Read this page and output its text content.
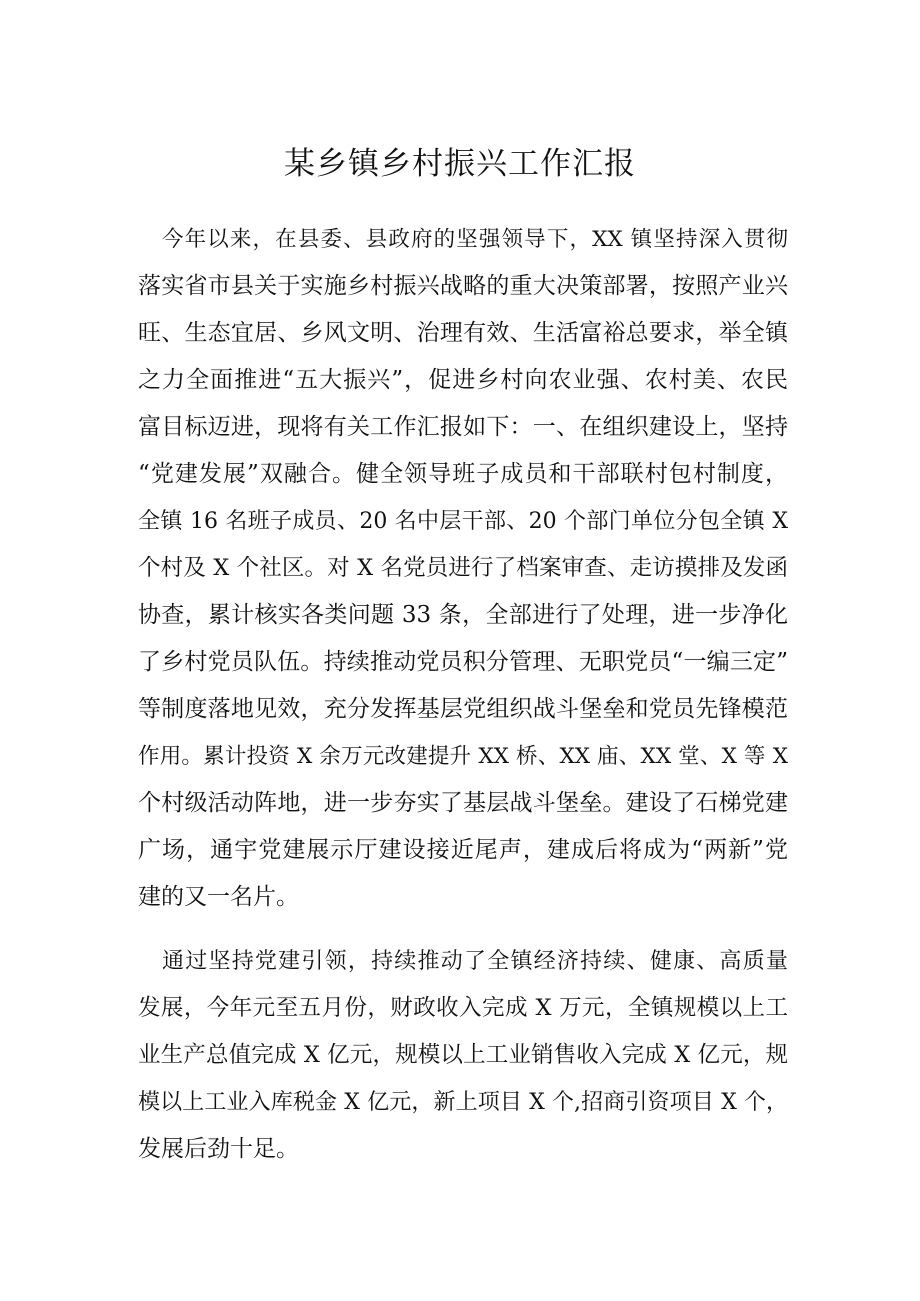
某乡镇乡村振兴工作汇报
今年以来，在县委、县政府的坚强领导下，XX 镇坚持深入贯彻
落实省市县关于实施乡村振兴战略的重大决策部署，按照产业兴
旺、生态宜居、乡风文明、治理有效、生活富裕总要求，举全镇
之力全面推进“五大振兴”，促进乡村向农业强、农村美、农民
富目标迈进，现将有关工作汇报如下：一、在组织建设上，坚持
“党建发展”双融合。健全领导班子成员和干部联村包村制度，
全镇 16 名班子成员、20 名中层干部、20 个部门单位分包全镇 X
个村及 X 个社区。对 X 名党员进行了档案审查、走访摸排及发函
协查，累计核实各类问题 33 条，全部进行了处理，进一步净化
了乡村党员队伍。持续推动党员积分管理、无职党员“一编三定”
等制度落地见效，充分发挥基层党组织战斗堡垒和党员先锋模范
作用。累计投资 X 余万元改建提升 XX 桥、XX 庙、XX 堂、X 等 X
个村级活动阵地，进一步夯实了基层战斗堡垒。建设了石梯党建
广场，通宇党建展示厅建设接近尾声，建成后将成为“两新”党
建的又一名片。
通过坚持党建引领，持续推动了全镇经济持续、健康、高质量
发展，今年元至五月份，财政收入完成 X 万元，全镇规模以上工
业生产总值完成 X 亿元，规模以上工业销售收入完成 X 亿元，规
模以上工业入库税金 X 亿元，新上项目 X 个,招商引资项目 X 个，
发展后劲十足。
